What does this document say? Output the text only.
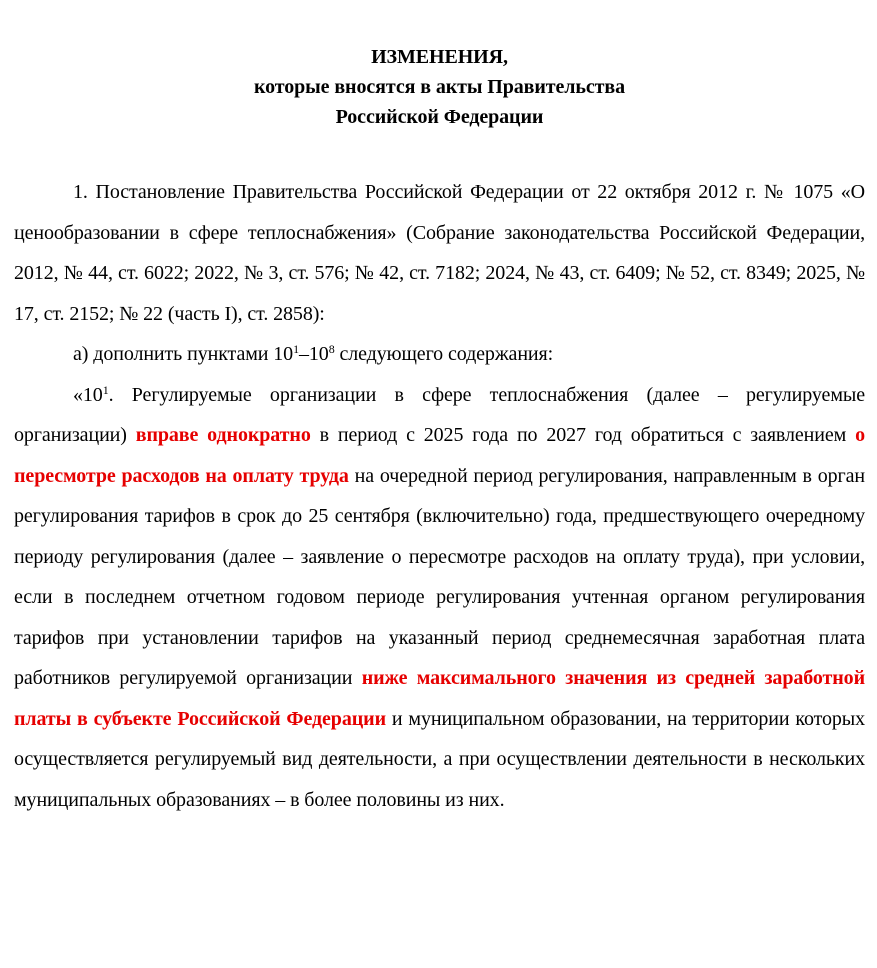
ИЗМЕНЕНИЯ,

которые вносятся в акты Правительства

Российской Федерации

1. Постановление Правительства Российской Федерации от 22 октября 2012 г. № 1075 «О ценообразовании в сфере теплоснабжения» (Собрание законодательства Российской Федерации, 2012, № 44, ст. 6022; 2022, № 3, ст. 576; № 42, ст. 7182; 2024, № 43, ст. 6409; № 52, ст. 8349; 2025, № 17, ст. 2152; № 22 (часть I), ст. 2858):

а) дополнить пунктами $10^1-10^8$ следующего содержания:

«$10^1$. Регулируемые организации в сфере теплоснабжения (далее – регулируемые организации) вправе однократно в период с 2025 года по 2027 год обратиться с заявлением о пересмотре расходов на оплату труда на очередной период регулирования, направленным в орган регулирования тарифов в срок до 25 сентября (включительно) года, предшествующего очередному периоду регулирования (далее – заявление о пересмотре расходов на оплату труда), при условии, если в последнем отчетном годовом периоде регулирования учтенная органом регулирования тарифов при установлении тарифов на указанный период среднемесячная заработная плата работников регулируемой организации ниже максимального значения из средней заработной платы в субъекте Российской Федерации и муниципальном образовании, на территории которых осуществляется регулируемый вид деятельности, а при осуществлении деятельности в нескольких муниципальных образованиях – в более половины из них.
